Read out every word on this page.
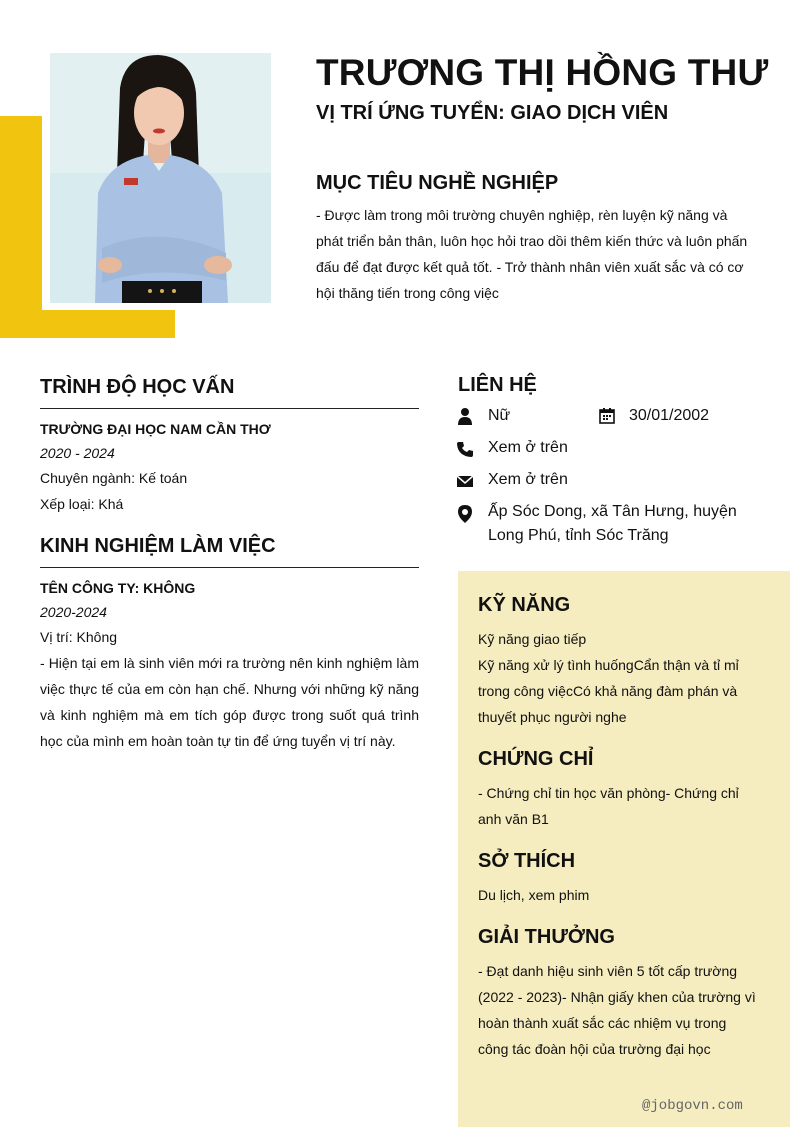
TRƯƠNG THỊ HỒNG THƯ
VỊ TRÍ ỨNG TUYỂN: GIAO DỊCH VIÊN
MỤC TIÊU NGHỀ NGHIỆP
- Được làm trong môi trường chuyên nghiệp, rèn luyện kỹ năng và phát triển bản thân, luôn học hỏi trao dồi thêm kiến thức và luôn phấn đấu để đạt được kết quả tốt. - Trở thành nhân viên xuất sắc và có cơ hội thăng tiến trong công việc
TRÌNH ĐỘ HỌC VẤN
TRƯỜNG ĐẠI HỌC NAM CẦN THƠ
2020 - 2024
Chuyên ngành: Kế toán
Xếp loại: Khá
KINH NGHIỆM LÀM VIỆC
TÊN CÔNG TY: KHÔNG
2020-2024
Vị trí: Không
- Hiện tại em là sinh viên mới ra trường nên kinh nghiệm làm việc thực tế của em còn hạn chế. Nhưng với những kỹ năng và kinh nghiệm mà em tích góp được trong suốt quá trình học của mình em hoàn toàn tự tin để ứng tuyển vị trí này.
LIÊN HỆ
Nữ	30/01/2002
Xem ở trên
Xem ở trên
Ấp Sóc Dong, xã Tân Hưng, huyện Long Phú, tỉnh Sóc Trăng
KỸ NĂNG
Kỹ năng giao tiếp
Kỹ năng xử lý tình huốngCẩn thận và tỉ mỉ trong công việcCó khả năng đàm phán và thuyết phục người nghe
CHỨNG CHỈ
- Chứng chỉ tin học văn phòng- Chứng chỉ anh văn B1
SỞ THÍCH
Du lịch, xem phim
GIẢI THƯỞNG
- Đạt danh hiệu sinh viên 5 tốt cấp trường (2022 - 2023)- Nhận giấy khen của trường vì hoàn thành xuất sắc các nhiệm vụ trong công tác đoàn hội của trường đại học
@jobgovn.com
